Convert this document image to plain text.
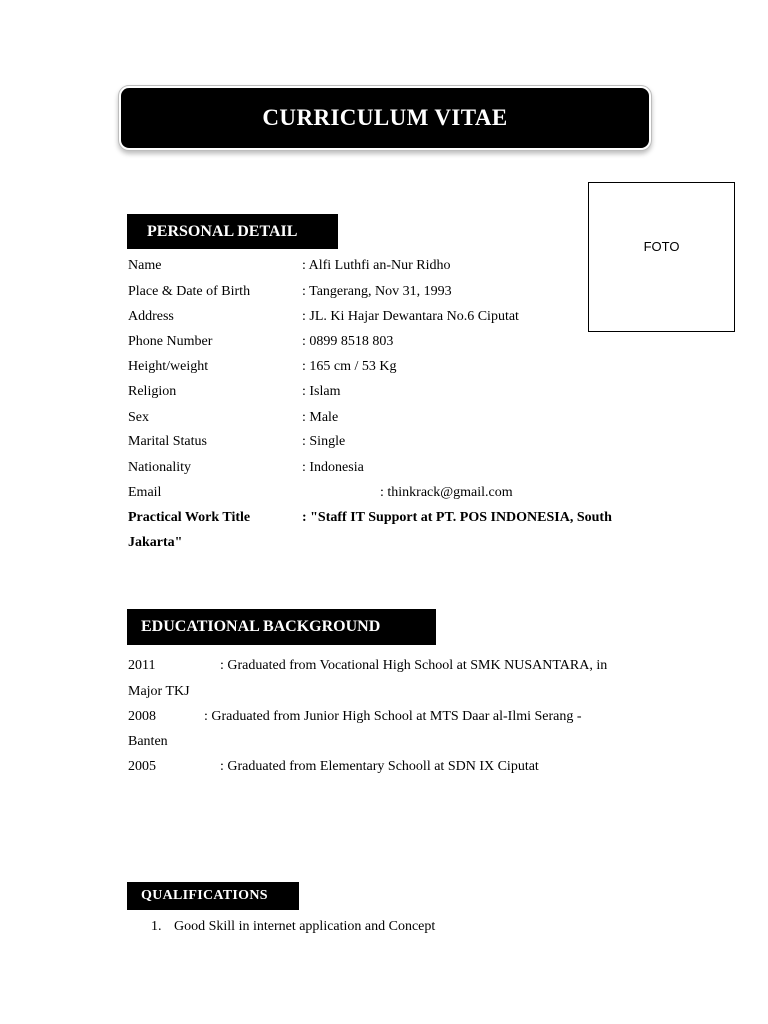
CURRICULUM VITAE
FOTO
PERSONAL DETAIL
Name	: Alfi Luthfi an-Nur Ridho
Place & Date of Birth	: Tangerang, Nov 31, 1993
Address	: JL. Ki Hajar Dewantara No.6 Ciputat
Phone Number	: 0899 8518 803
Height/weight	: 165 cm / 53 Kg
Religion	: Islam
Sex	: Male
Marital Status	: Single
Nationality	: Indonesia
Email	: thinkrack@gmail.com
Practical Work Title	: "Staff IT Support at PT. POS INDONESIA, South
Jakarta"
EDUCATIONAL BACKGROUND
2011	: Graduated from Vocational High School at SMK NUSANTARA, in
Major TKJ
2008	: Graduated from Junior High School at MTS Daar al-Ilmi Serang -
Banten
2005	: Graduated from Elementary Schooll at SDN IX Ciputat
QUALIFICATIONS
1. Good Skill in internet application and Concept
